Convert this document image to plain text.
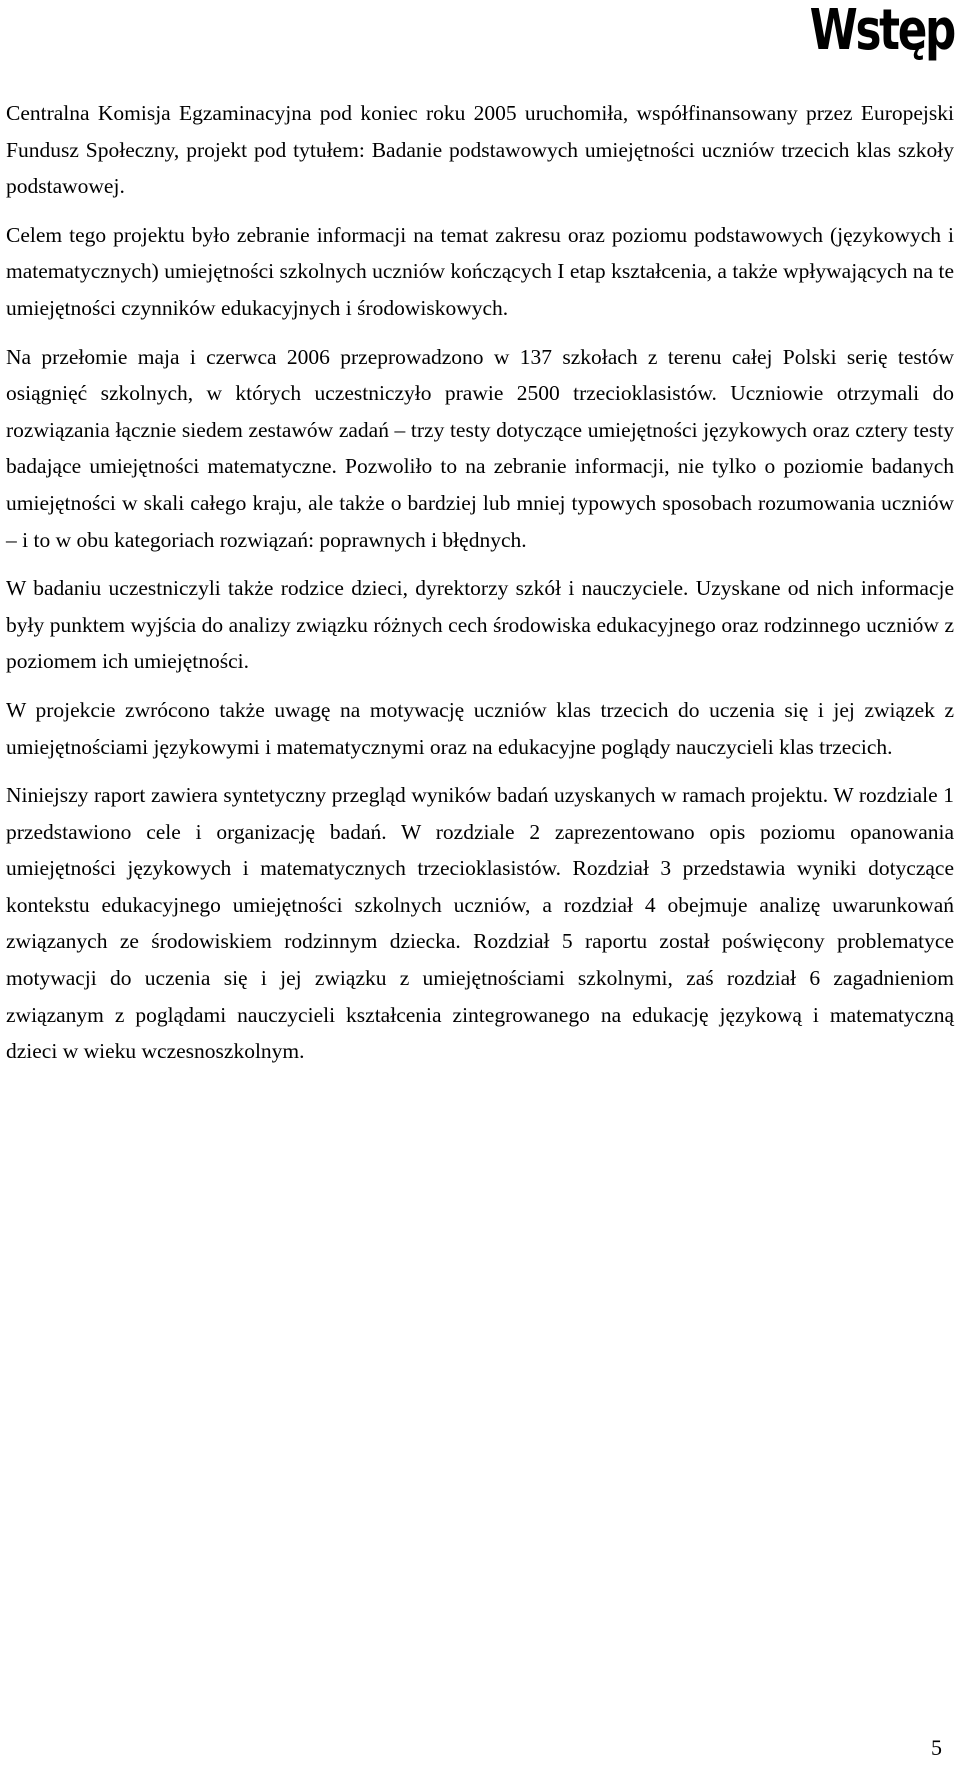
Wstęp

Centralna Komisja Egzaminacyjna pod koniec roku 2005 uruchomiła, współfinansowany przez Europejski Fundusz Społeczny, projekt pod tytułem: Badanie podstawowych umiejętności uczniów trzecich klas szkoły podstawowej.

Celem tego projektu było zebranie informacji na temat zakresu oraz poziomu podstawowych (językowych i matematycznych) umiejętności szkolnych uczniów kończących I etap kształcenia, a także wpływających na te umiejętności czynników edukacyjnych i środowiskowych.

Na przełomie maja i czerwca 2006 przeprowadzono w 137 szkołach z terenu całej Polski serię testów osiągnięć szkolnych, w których uczestniczyło prawie 2500 trzecioklasistów. Uczniowie otrzymali do rozwiązania łącznie siedem zestawów zadań – trzy testy dotyczące umiejętności językowych oraz cztery testy badające umiejętności matematyczne. Pozwoliło to na zebranie informacji, nie tylko o poziomie badanych umiejętności w skali całego kraju, ale także o bardziej lub mniej typowych sposobach rozumowania uczniów – i to w obu kategoriach rozwiązań: poprawnych i błędnych.

W badaniu uczestniczyli także rodzice dzieci, dyrektorzy szkół i nauczyciele. Uzyskane od nich informacje były punktem wyjścia do analizy związku różnych cech środowiska edukacyjnego oraz rodzinnego uczniów z poziomem ich umiejętności.

W projekcie zwrócono także uwagę na motywację uczniów klas trzecich do uczenia się i jej związek z umiejętnościami językowymi i matematycznymi oraz na edukacyjne poglądy nauczycieli klas trzecich.

Niniejszy raport zawiera syntetyczny przegląd wyników badań uzyskanych w ramach projektu. W rozdziale 1 przedstawiono cele i organizację badań. W rozdziale 2 zaprezentowano opis poziomu opanowania umiejętności językowych i matematycznych trzecioklasistów. Rozdział 3 przedstawia wyniki dotyczące kontekstu edukacyjnego umiejętności szkolnych uczniów, a rozdział 4 obejmuje analizę uwarunkowań związanych ze środowiskiem rodzinnym dziecka. Rozdział 5 raportu został poświęcony problematyce motywacji do uczenia się i jej związku z umiejętnościami szkolnymi, zaś rozdział 6 zagadnieniom związanym z poglądami nauczycieli kształcenia zintegrowanego na edukację językową i matematyczną dzieci w wieku wczesnoszkolnym.

5
